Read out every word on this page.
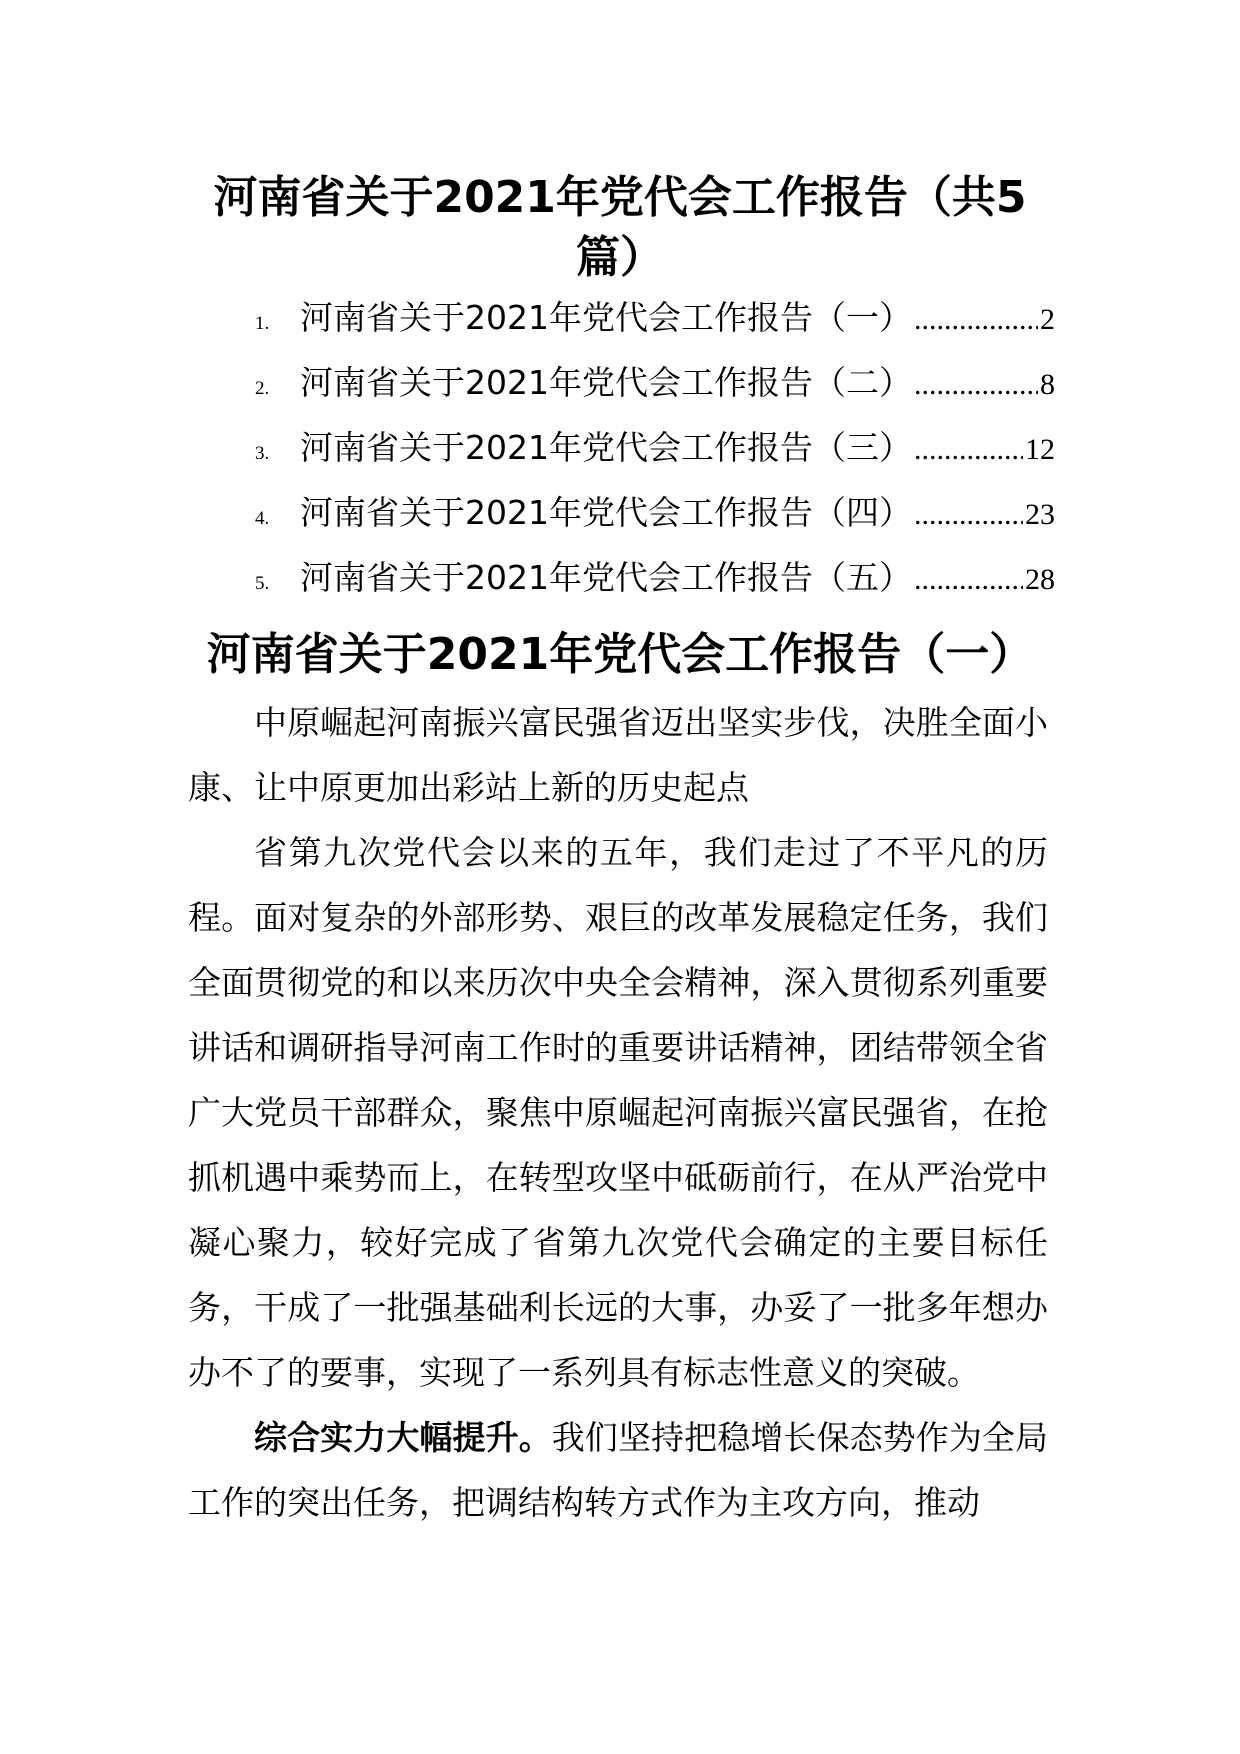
河南省关于2021年党代会工作报告（共5篇）
1. 河南省关于2021年党代会工作报告（一） .....	2
2. 河南省关于2021年党代会工作报告（二） .....	8
3. 河南省关于2021年党代会工作报告（三） .....	12
4. 河南省关于2021年党代会工作报告（四） .....	23
5. 河南省关于2021年党代会工作报告（五） .....	28
河南省关于2021年党代会工作报告（一）

中原崛起河南振兴富民强省迈出坚实步伐，决胜全面小康、让中原更加出彩站上新的历史起点

省第九次党代会以来的五年，我们走过了不平凡的历程。面对复杂的外部形势、艰巨的改革发展稳定任务，我们全面贯彻党的和以来历次中央全会精神，深入贯彻系列重要讲话和调研指导河南工作时的重要讲话精神，团结带领全省广大党员干部群众，聚焦中原崛起河南振兴富民强省，在抢抓机遇中乘势而上，在转型攻坚中砥砺前行，在从严治党中凝心聚力，较好完成了省第九次党代会确定的主要目标任务，干成了一批强基础利长远的大事，办妥了一批多年想办办不了的要事，实现了一系列具有标志性意义的突破。

综合实力大幅提升。我们坚持把稳增长保态势作为全局工作的突出任务，把调结构转方式作为主攻方向，推动
